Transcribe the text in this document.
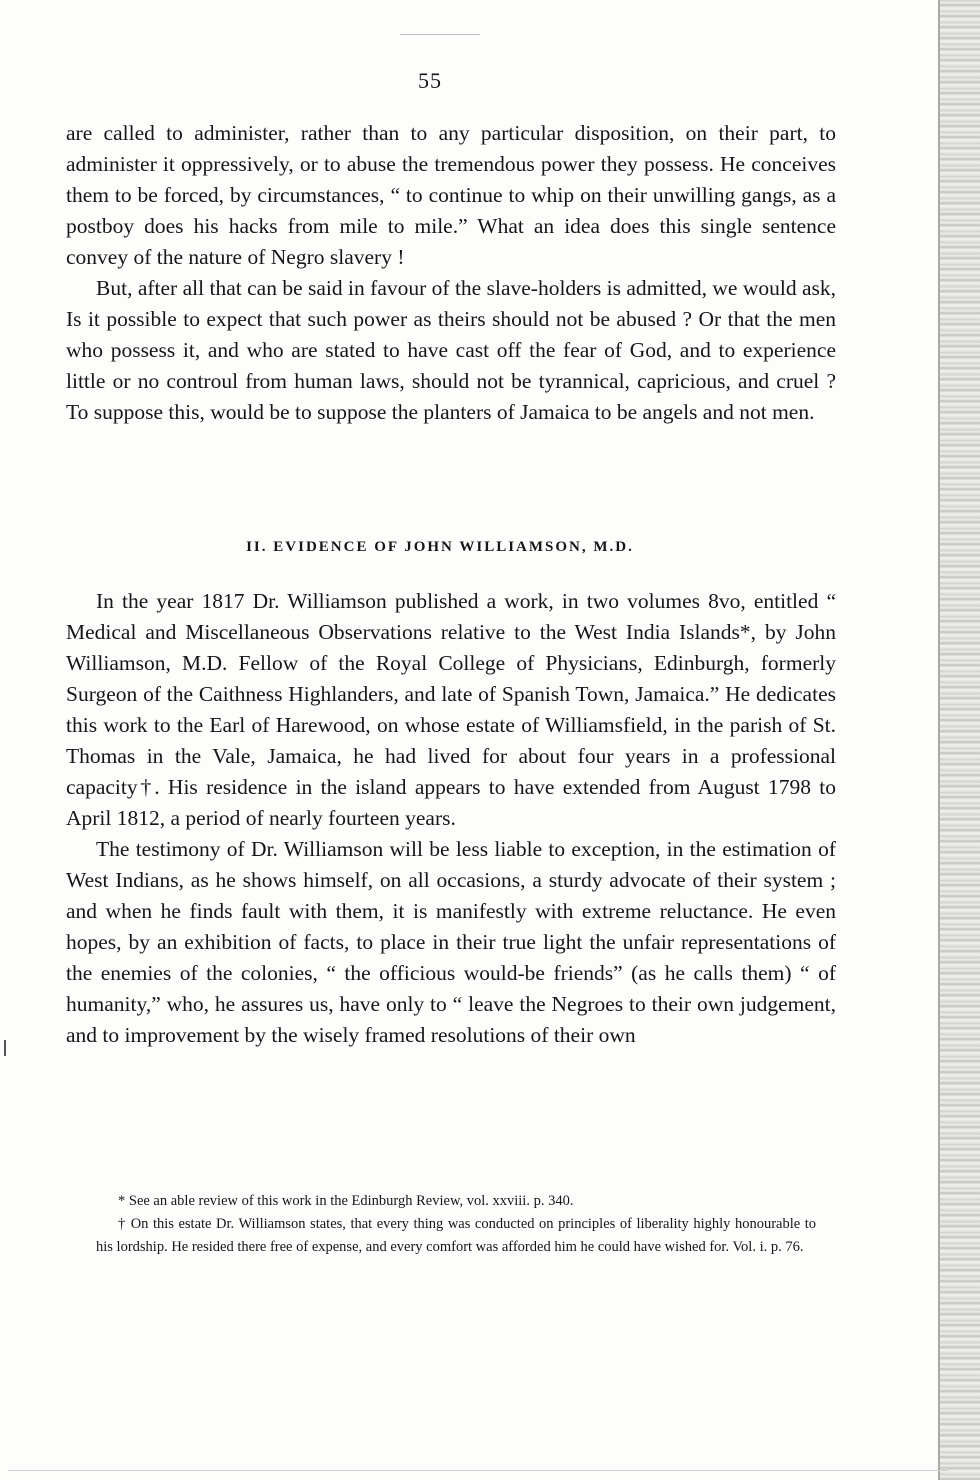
55

are called to administer, rather than to any particular disposition, on their part, to administer it oppressively, or to abuse the tremendous power they possess. He conceives them to be forced, by circumstances, “ to continue to whip on their unwilling gangs, as a postboy does his hacks from mile to mile.” What an idea does this single sentence convey of the nature of Negro slavery !

But, after all that can be said in favour of the slave-holders is admitted, we would ask, Is it possible to expect that such power as theirs should not be abused ? Or that the men who possess it, and who are stated to have cast off the fear of God, and to experience little or no controul from human laws, should not be tyrannical, capricious, and cruel ? To suppose this, would be to suppose the planters of Jamaica to be angels and not men.

II. EVIDENCE OF JOHN WILLIAMSON, M.D.

In the year 1817 Dr. Williamson published a work, in two volumes 8vo, entitled “ Medical and Miscellaneous Observations relative to the West India Islands*, by John Williamson, M.D. Fellow of the Royal College of Physicians, Edinburgh, formerly Surgeon of the Caithness Highlanders, and late of Spanish Town, Jamaica.” He dedicates this work to the Earl of Harewood, on whose estate of Williamsfield, in the parish of St. Thomas in the Vale, Jamaica, he had lived for about four years in a professional capacity†. His residence in the island appears to have extended from August 1798 to April 1812, a period of nearly fourteen years.

The testimony of Dr. Williamson will be less liable to exception, in the estimation of West Indians, as he shows himself, on all occasions, a sturdy advocate of their system ; and when he finds fault with them, it is manifestly with extreme reluctance. He even hopes, by an exhibition of facts, to place in their true light the unfair representations of the enemies of the colonies, “ the officious would-be friends” (as he calls them) “ of humanity,” who, he assures us, have only to “ leave the Negroes to their own judgement, and to improvement by the wisely framed resolutions of their own

* See an able review of this work in the Edinburgh Review, vol. xxviii. p. 340.

† On this estate Dr. Williamson states, that every thing was conducted on principles of liberality highly honourable to his lordship. He resided there free of expense, and every comfort was afforded him he could have wished for. Vol. i. p. 76.
